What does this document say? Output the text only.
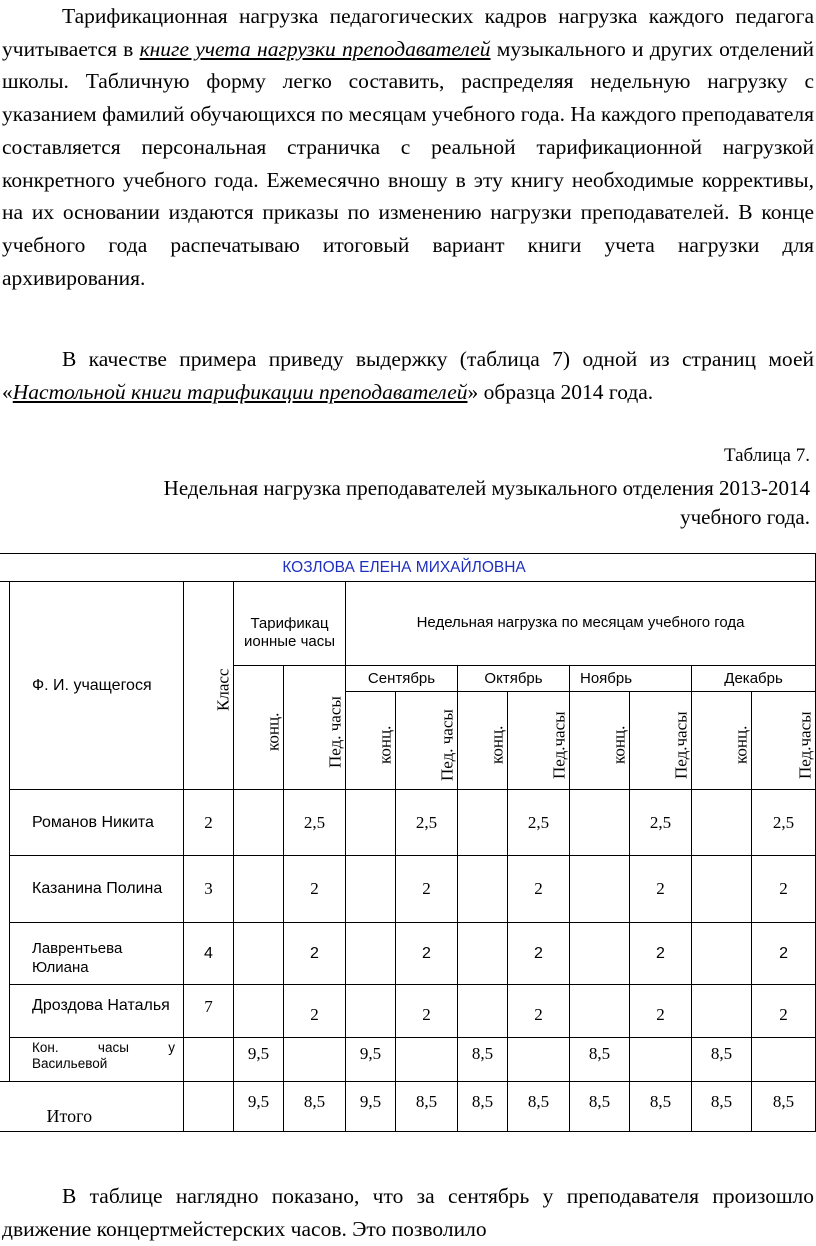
Тарификационная нагрузка педагогических кадров нагрузка каждого педагога учитывается в книге учета нагрузки преподавателей музыкального и других отделений школы. Табличную форму легко составить, распределяя недельную нагрузку с указанием фамилий обучающихся по месяцам учебного года. На каждого преподавателя составляется персональная страничка с реальной тарификационной нагрузкой конкретного учебного года. Ежемесячно вношу в эту книгу необходимые коррективы, на их основании издаются приказы по изменению нагрузки преподавателей. В конце учебного года распечатываю итоговый вариант книги учета нагрузки для архивирования.
В качестве примера приведу выдержку (таблица 7) одной из страниц моей «Настольной книги тарификации преподавателей» образца 2014 года.
Таблица 7.
Недельная нагрузка преподавателей музыкального отделения 2013-2014 учебного года.
КОЗЛОВА ЕЛЕНА МИХАЙЛОВНА												
	Ф. И. учащегося	Класс	Тарификац ионные часы		Недельная нагрузка по месяцам учебного года							
			конц.	Пед. часы	Сентябрь		Октябрь		Ноябрь		Декабрь	
					конц.	Пед. часы	конц.	Пед.часы	конц.	Пед.часы	конц.	Пед.часы
	Романов Никита	2		2,5		2,5		2,5		2,5		2,5
	Казанина Полина	3		2		2		2		2		2
	Лаврентьева Юлиана	4		2		2		2		2		2
	Дроздова Наталья	7		2		2		2		2		2
	Кон. часы у Васильевой		9,5		9,5		8,5		8,5		8,5	
Итого			9,5	8,5	9,5	8,5	8,5	8,5	8,5	8,5	8,5	8,5
В таблице наглядно показано, что за сентябрь у преподавателя произошло движение концертмейстерских часов. Это позволило
